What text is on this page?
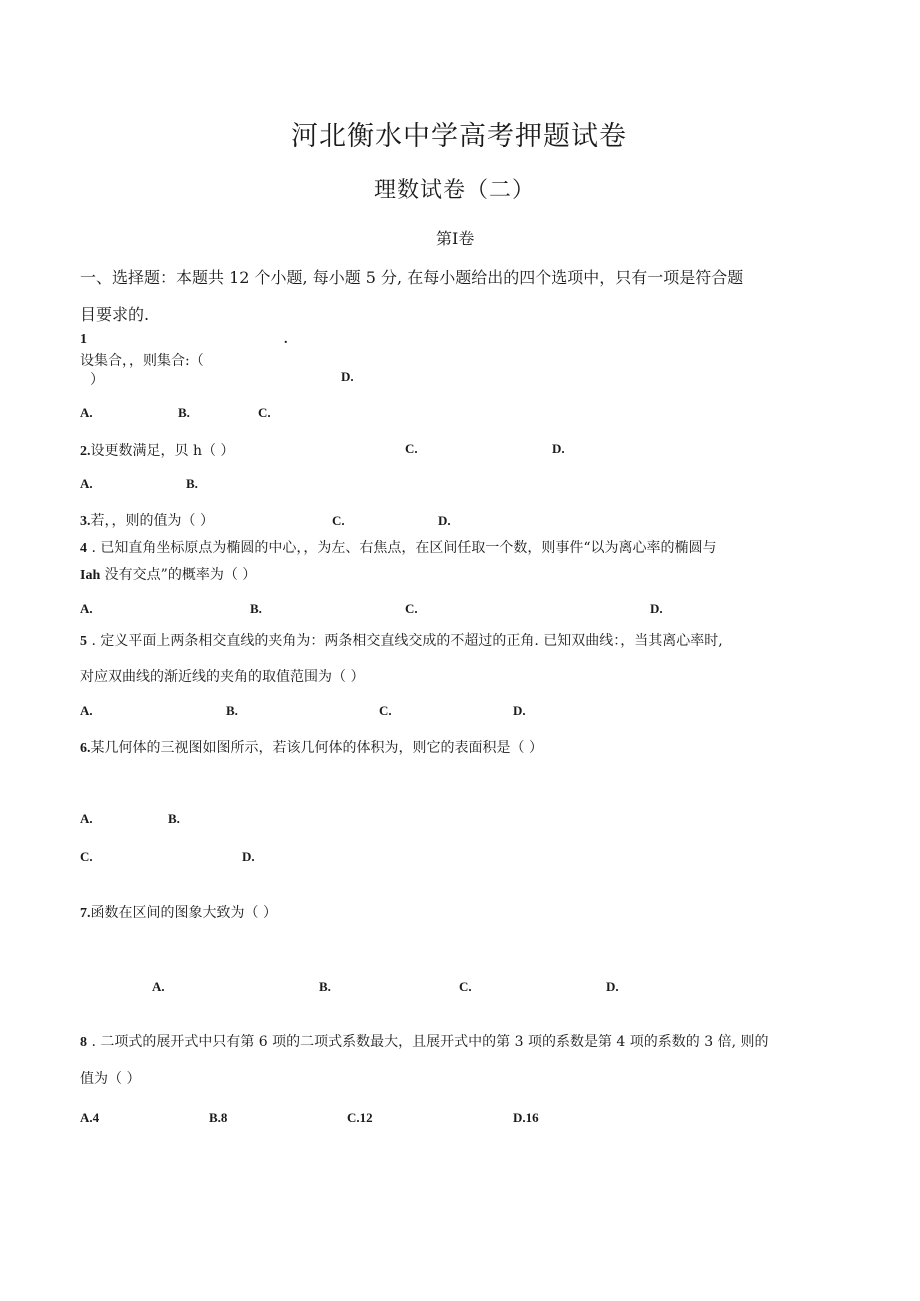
河北衡水中学高考押题试卷
理数试卷（二）
第Ⅰ卷
一、选择题：本题共 12 个小题, 每小题 5 分, 在每小题给出的四个选项中，只有一项是符合题
目要求的.
1	.
设集合，，则集合:（
）
A.	B.	C.
D.
2.设更数满足，贝 h（ ）	C.	D.
A.	B.
3.若，，则的值为（ ）	C.	D.
4 . 已知直角坐标原点为椭圆的中心，，为左、右焦点，在区间任取一个数，则事件“以为离心率的椭圆与
Iah 没有交点”的概率为（ ）
A.	B.	C.	D.
5 . 定义平面上两条相交直线的夹角为：两条相交直线交成的不超过的正角. 已知双曲线：，当其离心率时,
对应双曲线的渐近线的夹角的取值范围为（ ）
A.	B.	C.	D.
6.某几何体的三视图如图所示，若该几何体的体积为，则它的表面积是（ ）
A.	B.
C.	D.
7.函数在区间的图象大致为（ ）
A.	B.	C.	D.
8 . 二项式的展开式中只有第 6 项的二项式系数最大，且展开式中的第 3 项的系数是第 4 项的系数的 3 倍, 则的
值为（ ）
A.4	B.8	C.12	D.16
